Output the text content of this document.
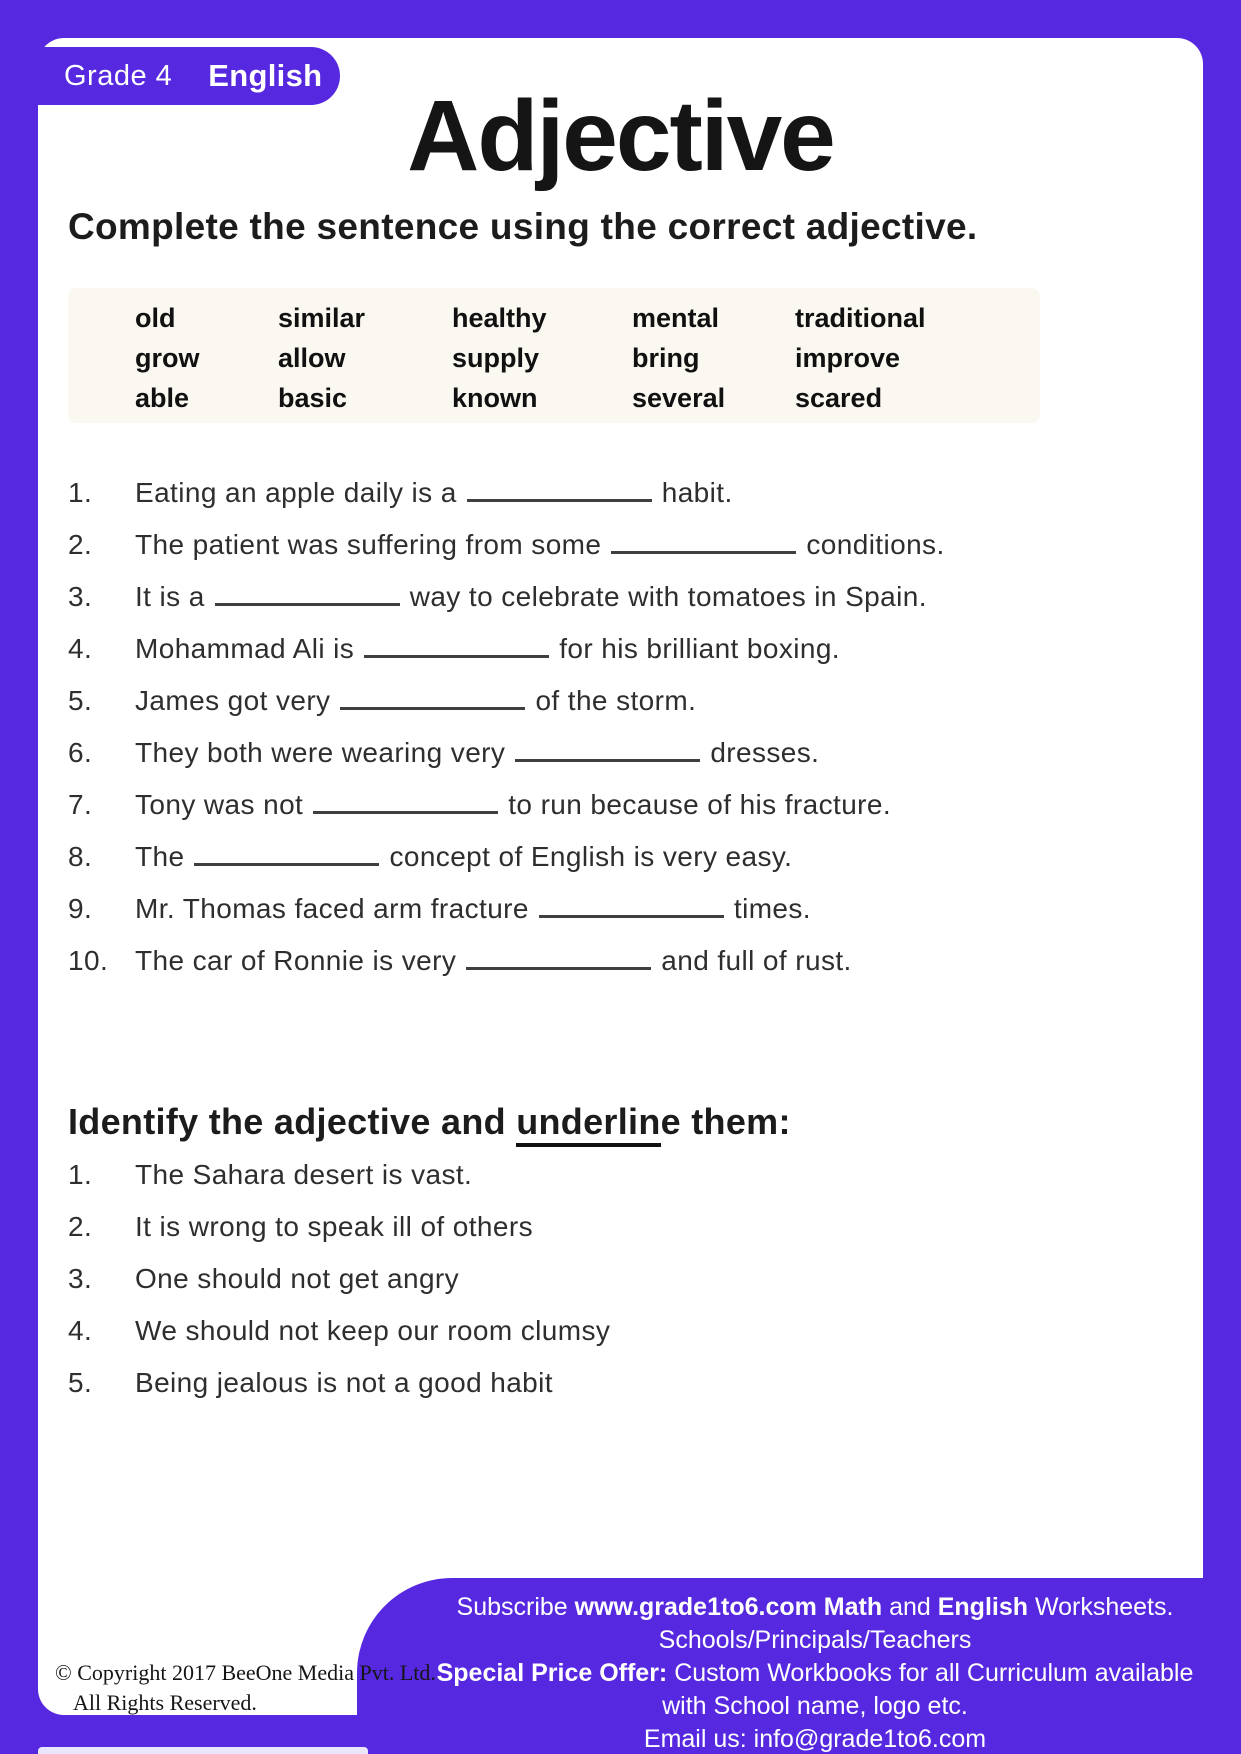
Grade 4 English
Adjective
Complete the sentence using the correct adjective.
old	similar	healthy	mental	traditional
grow	allow	supply	bring	improve
able	basic	known	several	scared
1.	Eating an apple daily is a	habit.
2.	The patient was suffering from some	conditions.
3.	It is a	way to celebrate with tomatoes in Spain.
4.	Mohammad Ali is	for his brilliant boxing.
5.	James got very	of the storm.
6.	They both were wearing very	dresses.
7.	Tony was not	to run because of his fracture.
8.	The	concept of English is very easy.
9.	Mr. Thomas faced arm fracture	times.
10. The car of Ronnie is very	and full of rust.
Identify the adjective and underline them:
1.	The Sahara desert is vast.
2.	It is wrong to speak ill of others
3.	One should not get angry
4.	We should not keep our room clumsy
5.	Being jealous is not a good habit
Subscribe www.grade1to6.com Math and English Worksheets.
Schools/Principals/Teachers
Special Price Offer: Custom Workbooks for all Curriculum available
with School name, logo etc.
Email us: info@grade1to6.com
© Copyright 2017 BeeOne Media Pvt. Ltd.
All Rights Reserved.
